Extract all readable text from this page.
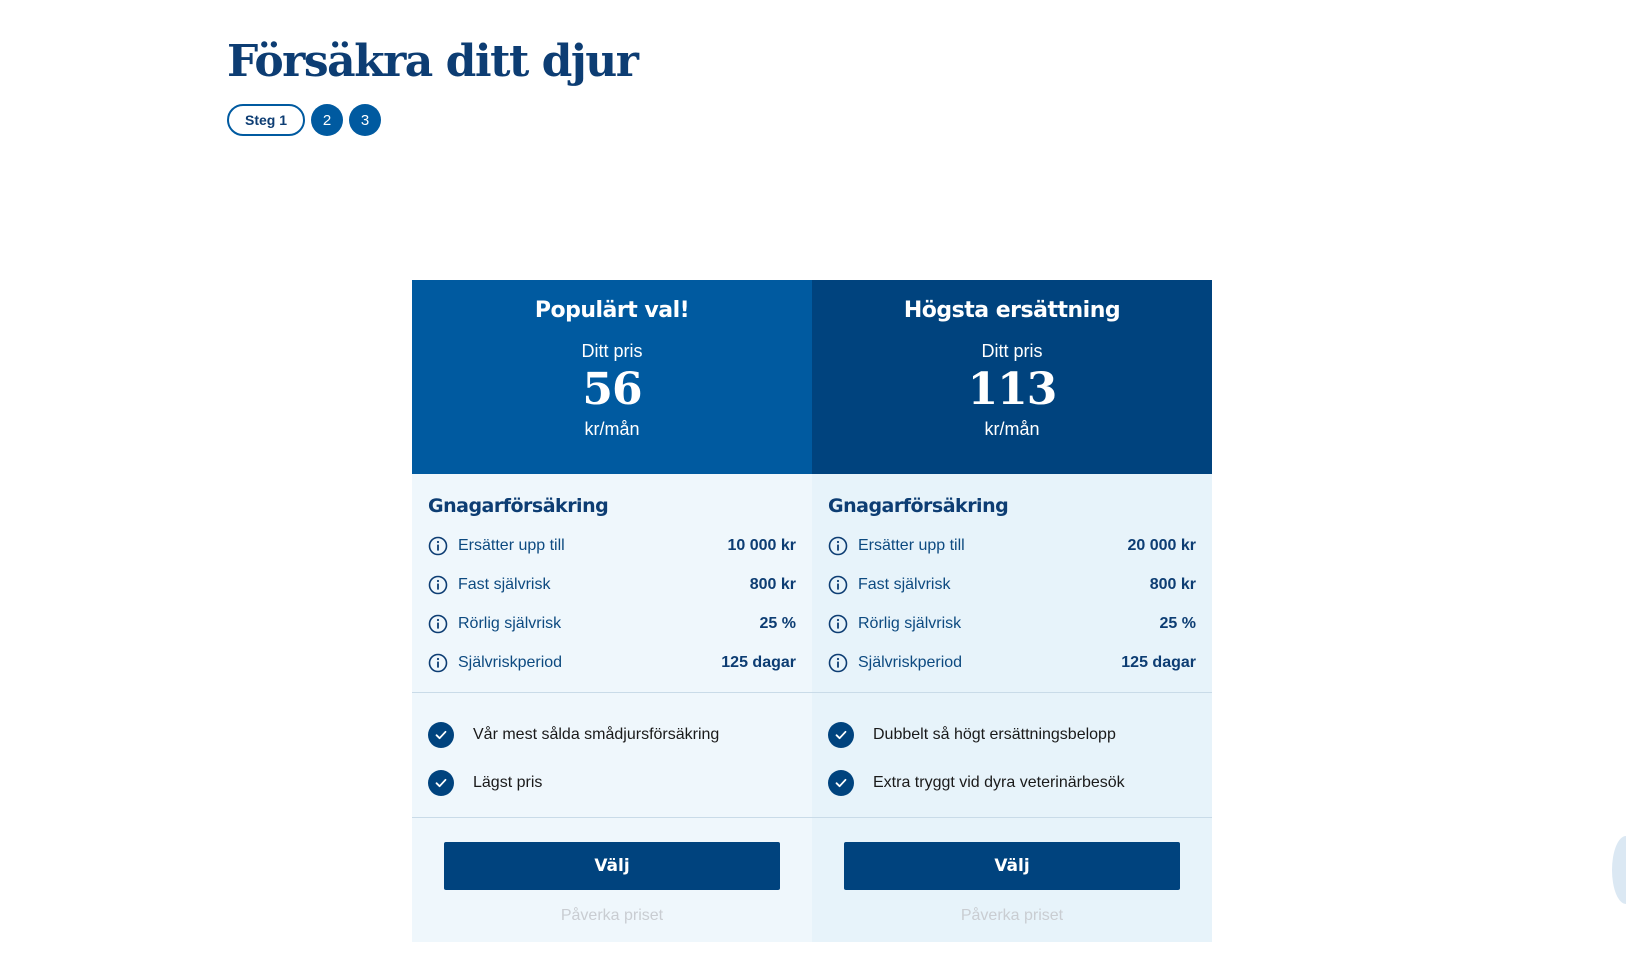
Försäkra ditt djur
Steg 1	2	3
Populärt val!
Ditt pris
56
kr/mån
Gnagarförsäkring
Ersätter upp till	10 000 kr
Fast självrisk	800 kr
Rörlig självrisk	25 %
Självriskperiod	125 dagar
Vår mest sålda smådjursförsäkring
Lägst pris
Välj
Påverka priset
Högsta ersättning
Ditt pris
113
kr/mån
Gnagarförsäkring
Ersätter upp till	20 000 kr
Fast självrisk	800 kr
Rörlig självrisk	25 %
Självriskperiod	125 dagar
Dubbelt så högt ersättningsbelopp
Extra tryggt vid dyra veterinärbesök
Välj
Påverka priset
